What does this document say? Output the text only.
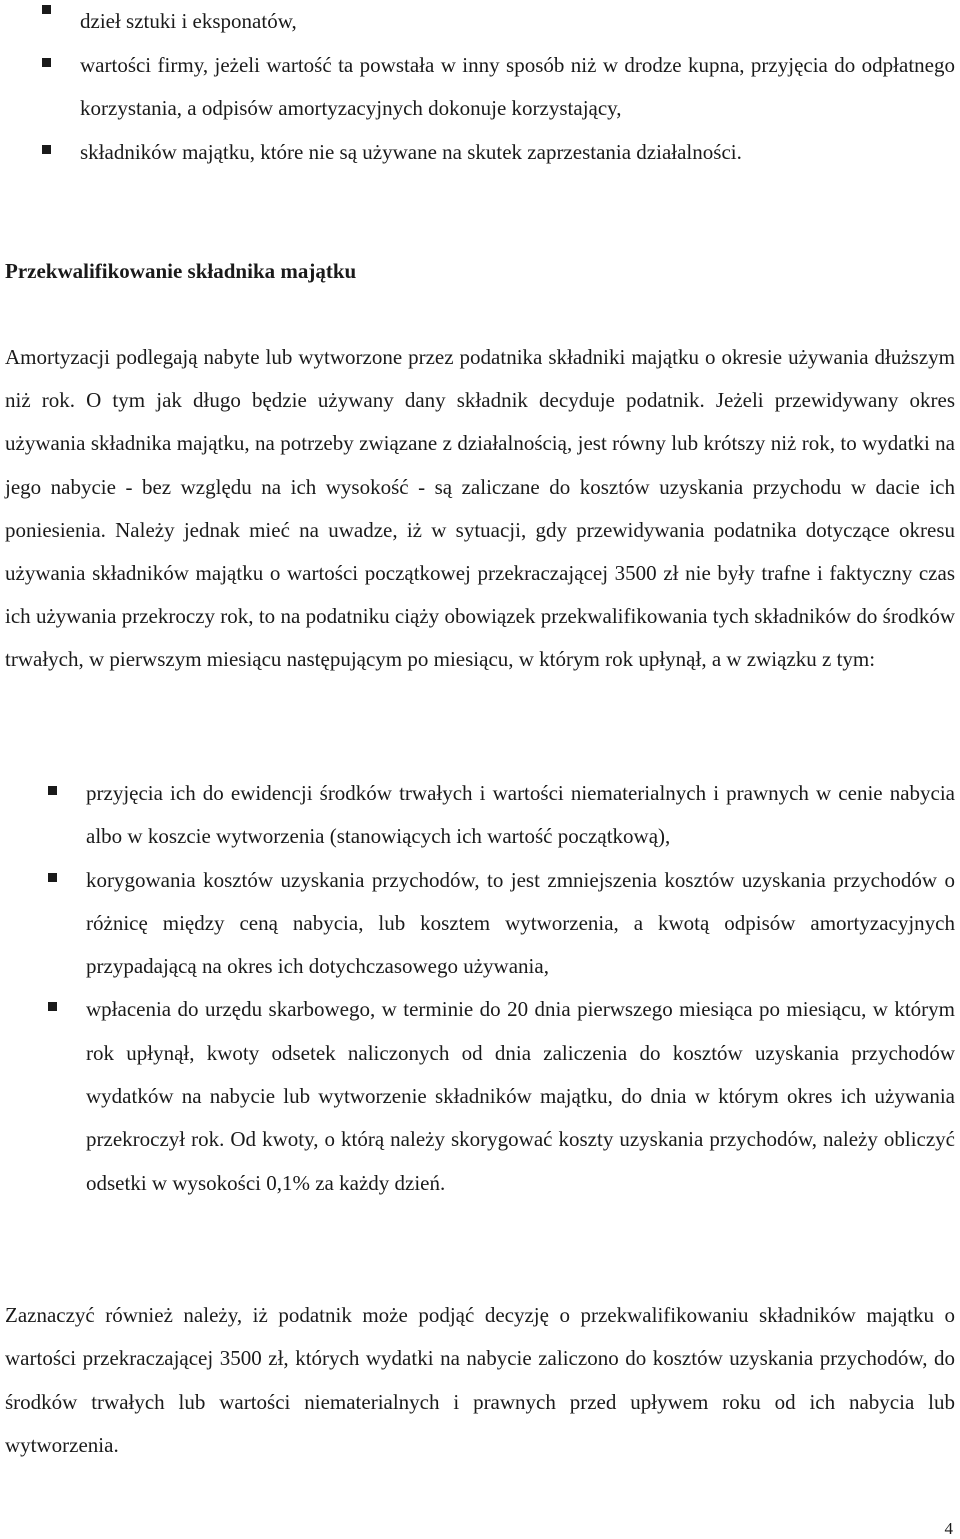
dzieł sztuki i eksponatów,
wartości firmy, jeżeli wartość ta powstała w inny sposób niż w drodze kupna, przyjęcia do odpłatnego korzystania, a odpisów amortyzacyjnych dokonuje korzystający,
składników majątku, które nie są używane na skutek zaprzestania działalności.
Przekwalifikowanie składnika majątku

Amortyzacji podlegają nabyte lub wytworzone przez podatnika składniki majątku o okresie używania dłuższym niż rok. O tym jak długo będzie używany dany składnik decyduje podatnik. Jeżeli przewidywany okres używania składnika majątku, na potrzeby związane z działalnością, jest równy lub krótszy niż rok, to wydatki na jego nabycie - bez względu na ich wysokość - są zaliczane do kosztów uzyskania przychodu w dacie ich poniesienia. Należy jednak mieć na uwadze, iż w sytuacji, gdy przewidywania podatnika dotyczące okresu używania składników majątku o wartości początkowej przekraczającej 3500 zł nie były trafne i faktyczny czas ich używania przekroczy rok, to na podatniku ciąży obowiązek przekwalifikowania tych składników do środków trwałych, w pierwszym miesiącu następującym po miesiącu, w którym rok upłynął, a w związku z tym:

przyjęcia ich do ewidencji środków trwałych i wartości niematerialnych i prawnych w cenie nabycia albo w koszcie wytworzenia (stanowiących ich wartość początkową),
korygowania kosztów uzyskania przychodów, to jest zmniejszenia kosztów uzyskania przychodów o różnicę między ceną nabycia, lub kosztem wytworzenia, a kwotą odpisów amortyzacyjnych przypadającą na okres ich dotychczasowego używania,
wpłacenia do urzędu skarbowego, w terminie do 20 dnia pierwszego miesiąca po miesiącu, w którym rok upłynął, kwoty odsetek naliczonych od dnia zaliczenia do kosztów uzyskania przychodów wydatków na nabycie lub wytworzenie składników majątku, do dnia w którym okres ich używania przekroczył rok. Od kwoty, o którą należy skorygować koszty uzyskania przychodów, należy obliczyć odsetki w wysokości 0,1% za każdy dzień.

Zaznaczyć również należy, iż podatnik może podjąć decyzję o przekwalifikowaniu składników majątku o wartości przekraczającej 3500 zł, których wydatki na nabycie zaliczono do kosztów uzyskania przychodów, do środków trwałych lub wartości niematerialnych i prawnych przed upływem roku od ich nabycia lub wytworzenia.

4
